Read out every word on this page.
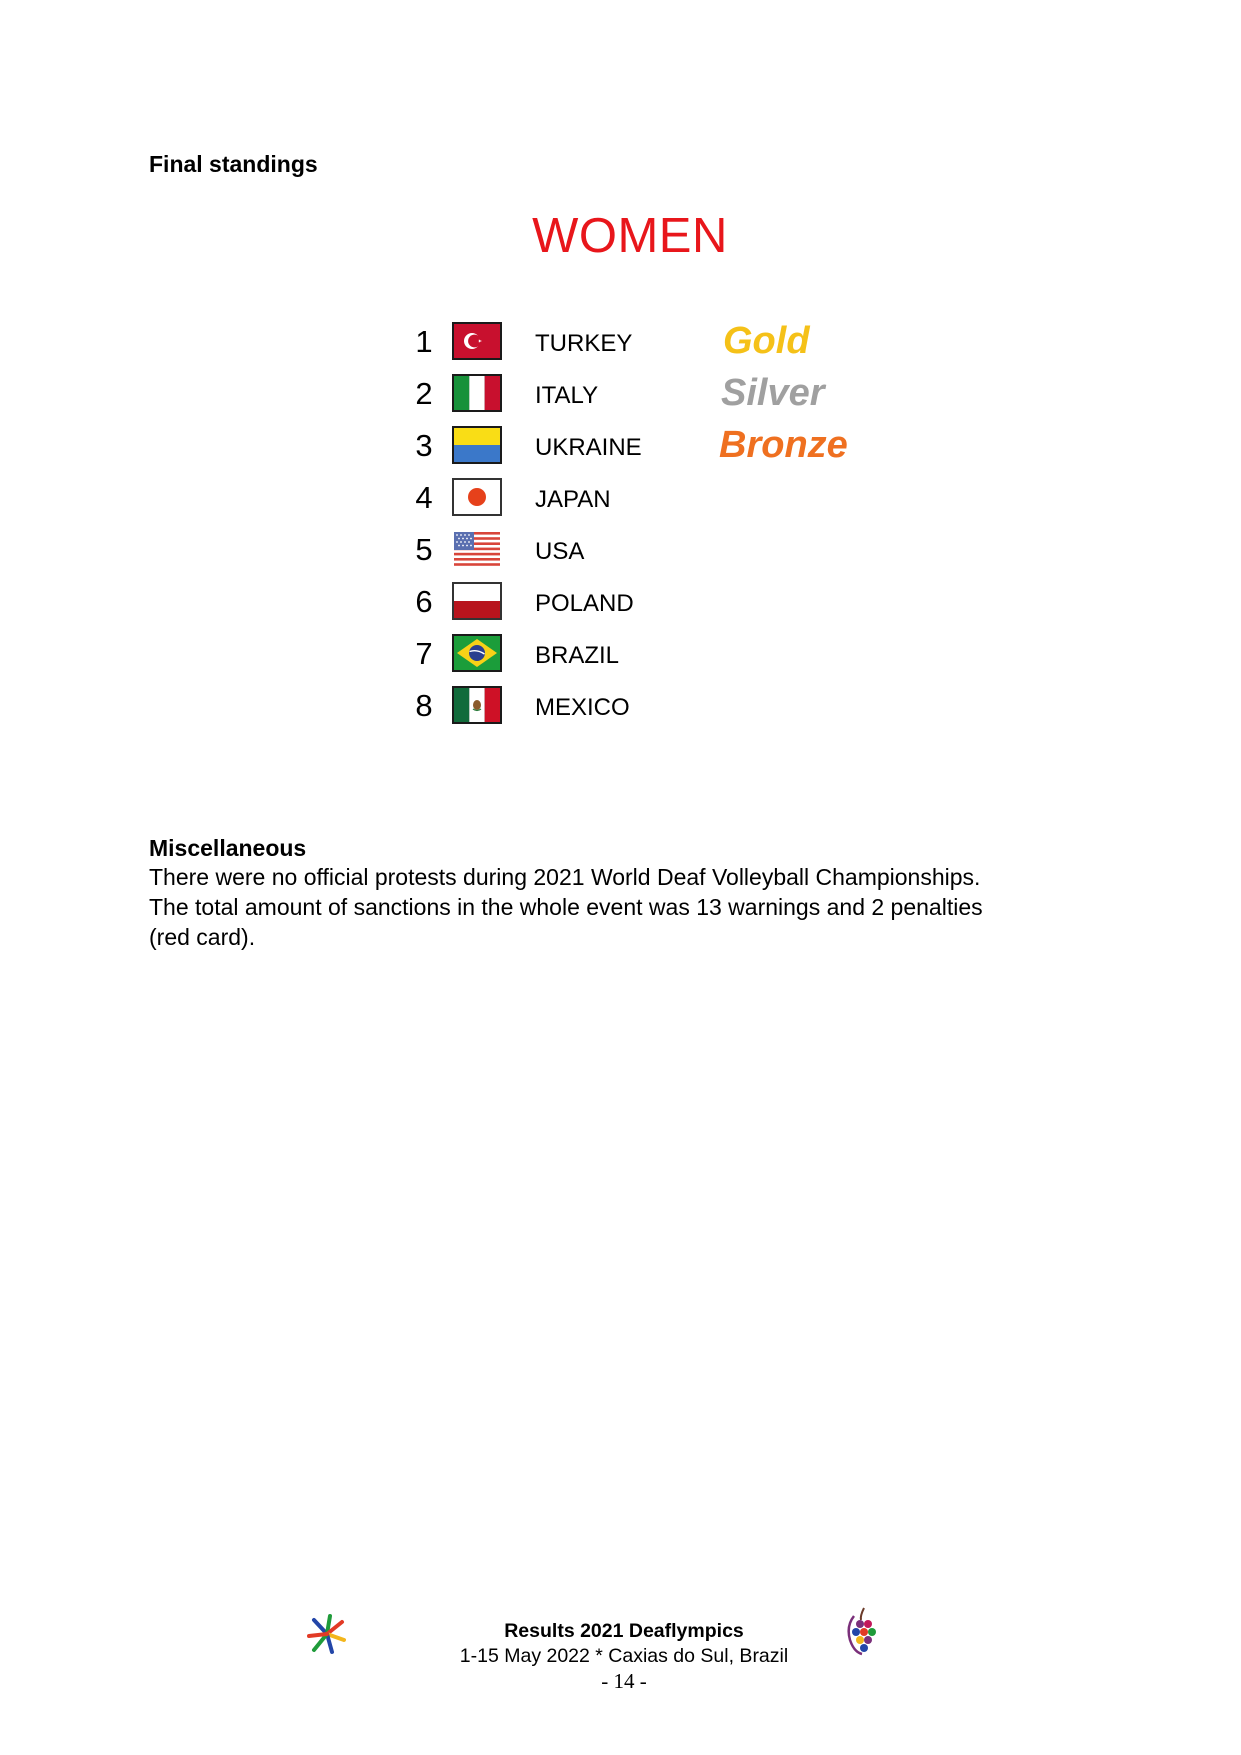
Final standings
WOMEN
1	TURKEY Gold
2	ITALY	Silver
3	UKRAINE Bronze
4	JAPAN
5	USA
6	POLAND
7	BRAZIL
8	MEXICO
Miscellaneous

There were no official protests during 2021 World Deaf Volleyball Championships.

The total amount of sanctions in the whole event was 13 warnings and 2 penalties

(red card).

Results 2021 Deaflympics
1-15 May 2022 * Caxias do Sul, Brazil
- 14 -
